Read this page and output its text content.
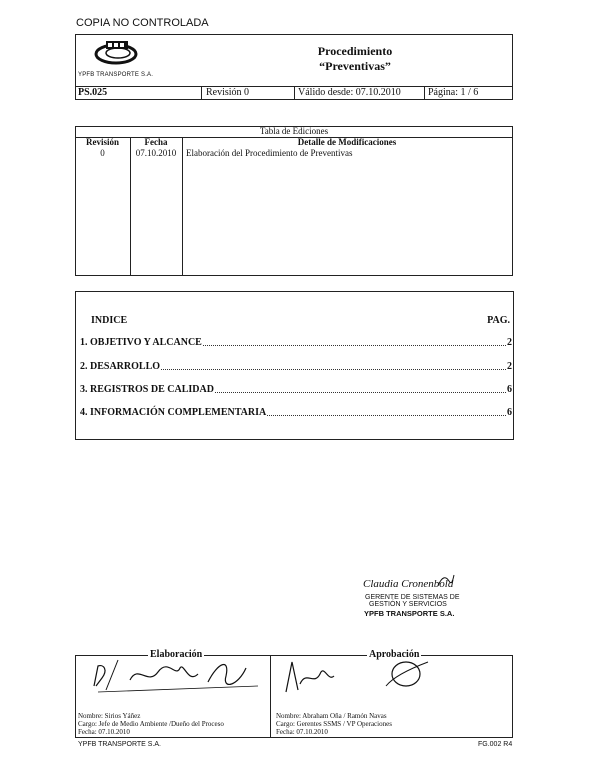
COPIA NO CONTROLADA
YPFB TRANSPORTE S.A.
Procedimiento
“Preventivas”
PS.025	Revisión 0	Válido desde: 07.10.2010	Página: 1 / 6
Tabla de Ediciones
Revisión	Fecha	Detalle de Modificaciones
0	07.10.2010	Elaboración del Procedimiento de Preventivas
INDICE	PAG.
1. OBJETIVO Y ALCANCE	2
2. DESARROLLO	2
3. REGISTROS DE CALIDAD	6
4. INFORMACIÓN COMPLEMENTARIA	6
Claudia Cronenbold
GERENTE DE SISTEMAS DE
GESTIÓN Y SERVICIOS
YPFB TRANSPORTE S.A.
Elaboración	Aprobación
Nombre: Sirios Yáñez
Cargo: Jefe de Medio Ambiente /Dueño del Proceso
Fecha: 07.10.2010
Nombre: Abraham Oña / Ramón Navas
Cargo: Gerentes SSMS / VP Operaciones
Fecha: 07.10.2010
YPFB TRANSPORTE S.A.	FG.002 R4
